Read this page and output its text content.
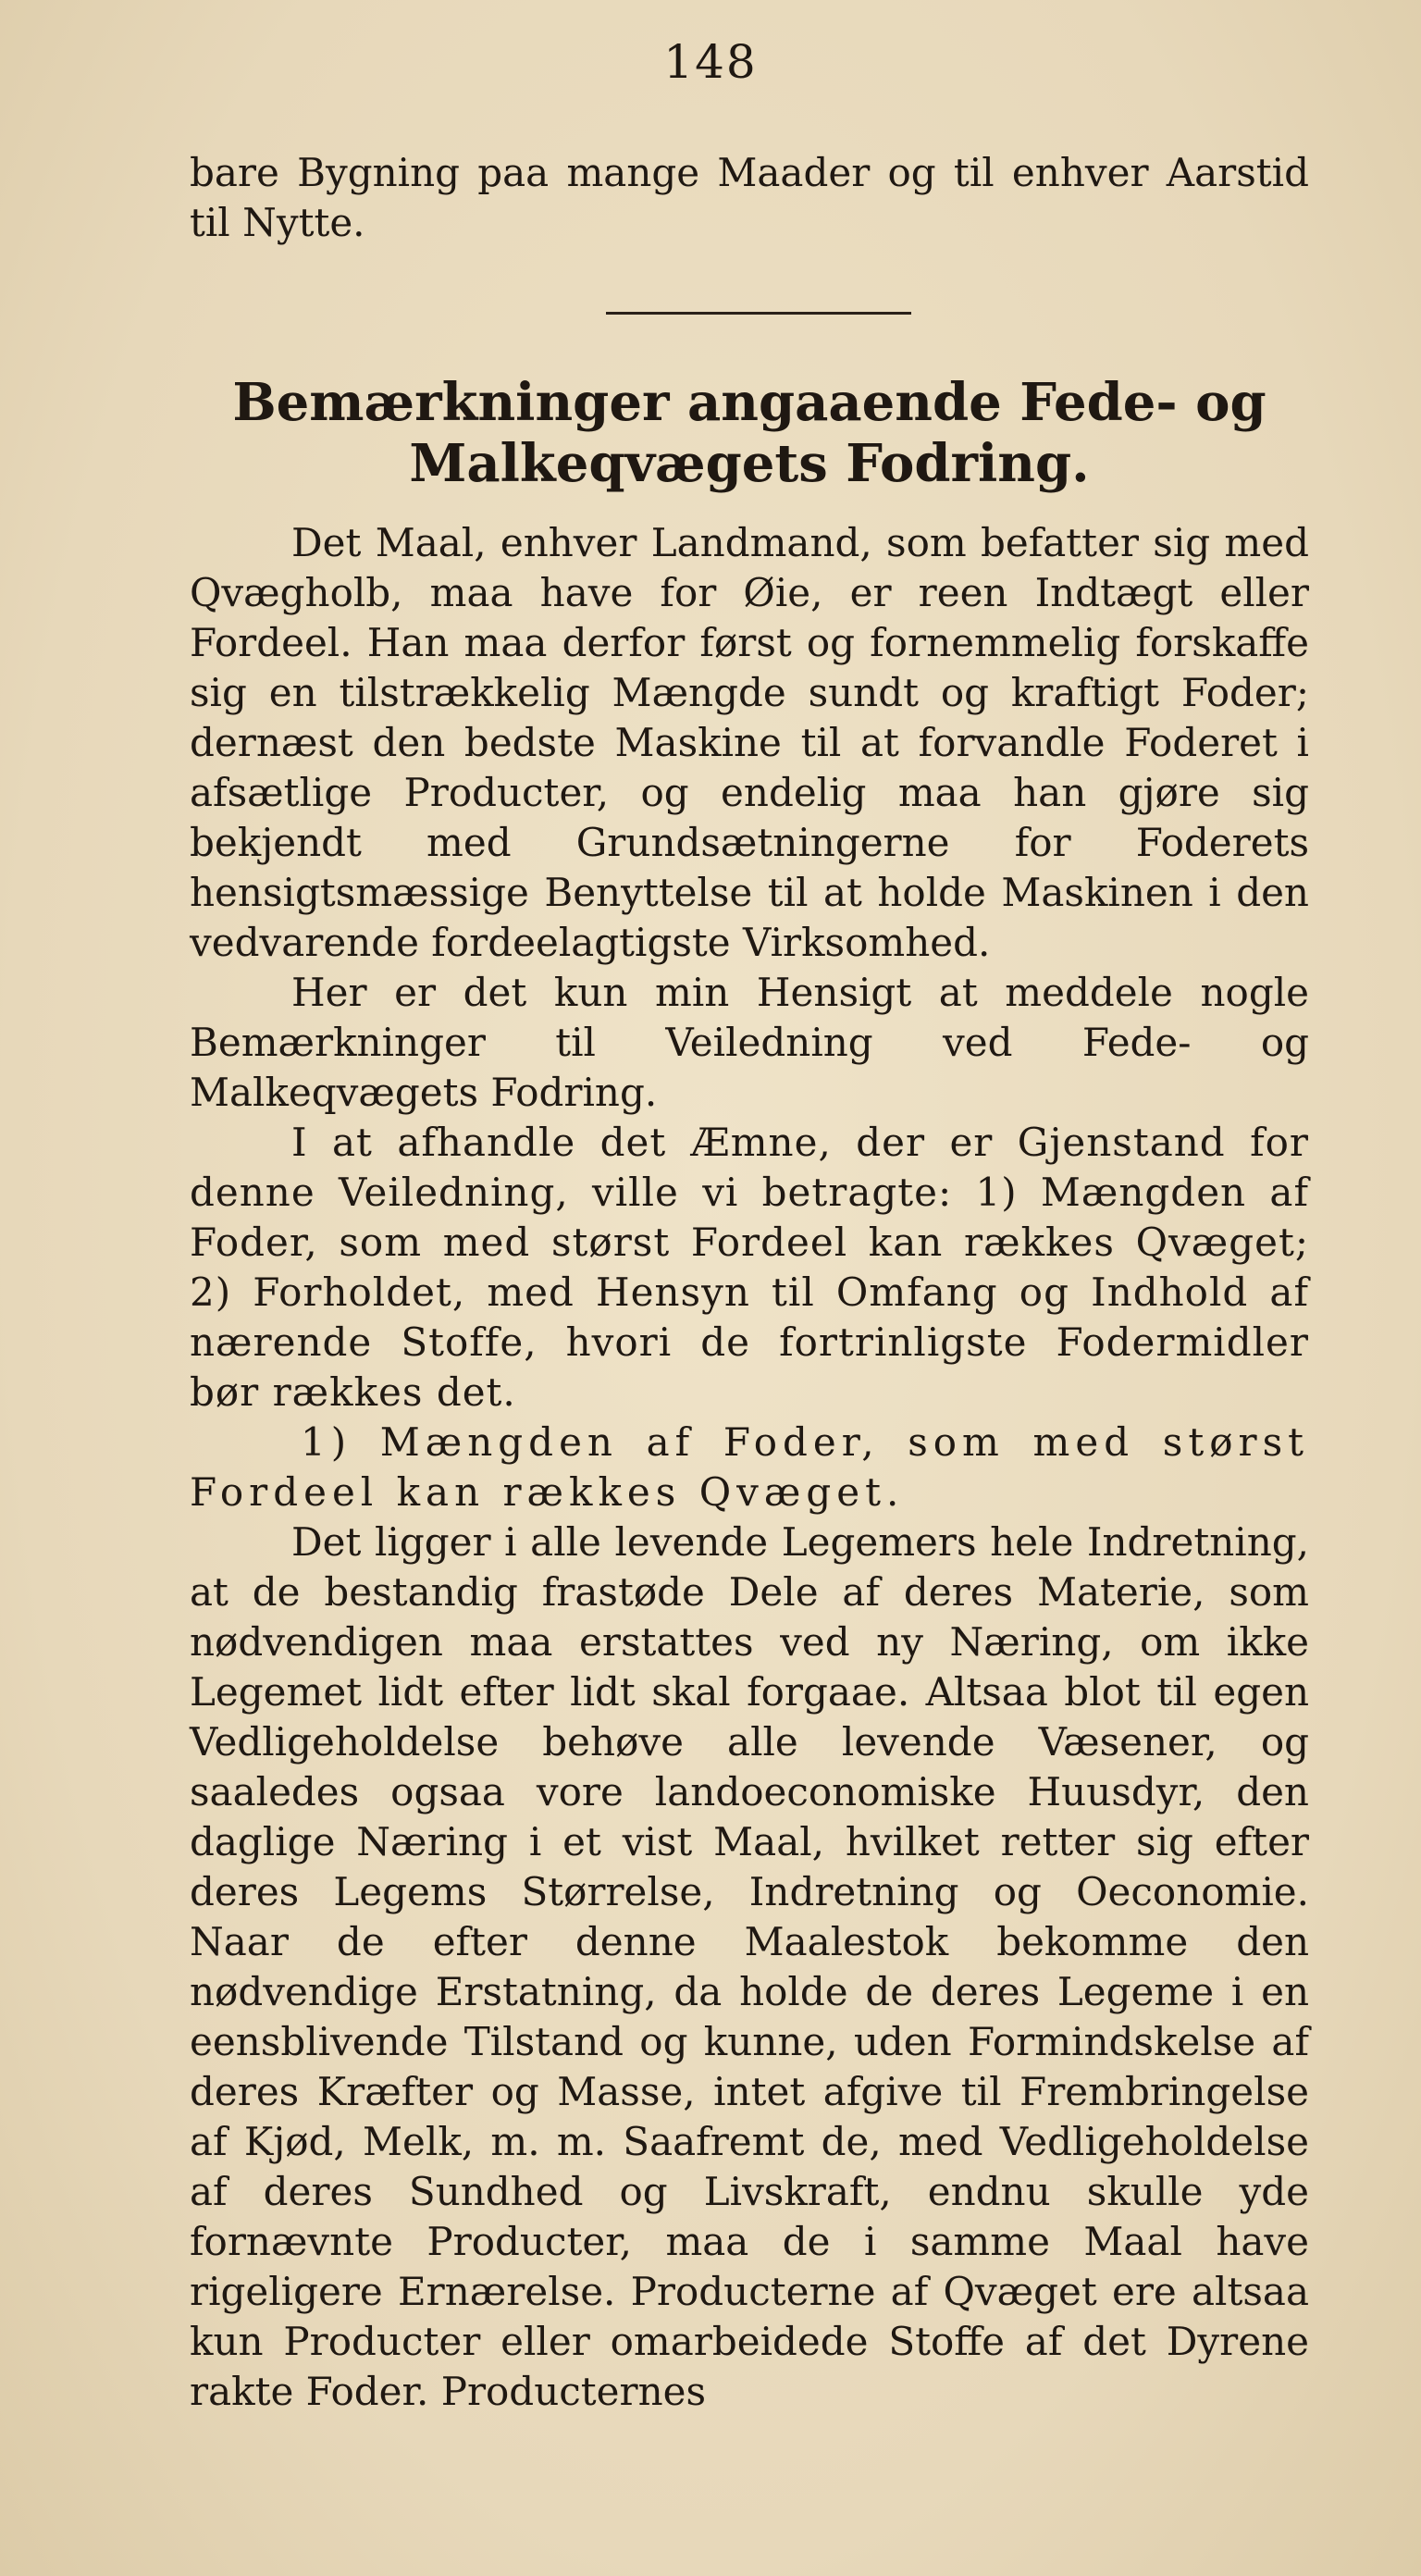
148

bare Bygning paa mange Maader og til enhver Aarstid til Nytte.

Bemærkninger angaaende Fede- og Malkeqvægets Fodring.

Det Maal, enhver Landmand, som befatter sig med Qvægholb, maa have for Øie, er reen Indtægt eller Fordeel. Han maa derfor først og fornemmelig forskaffe sig en tilstrækkelig Mængde sundt og kraftigt Foder; dernæst den bedste Maskine til at forvandle Foderet i afsætlige Producter, og endelig maa han gjøre sig bekjendt med Grundsætningerne for Foderets hensigtsmæssige Benyttelse til at holde Maskinen i den vedvarende fordeelagtigste Virksomhed.

Her er det kun min Hensigt at meddele nogle Bemærkninger til Veiledning ved Fede- og Malkeqvægets Fodring.

I at afhandle det Æmne, der er Gjenstand for denne Veiledning, ville vi betragte: 1) Mængden af Foder, som med størst Fordeel kan rækkes Qvæget; 2) Forholdet, med Hensyn til Omfang og Indhold af nærende Stoffe, hvori de fortrinligste Fodermidler bør rækkes det.

1) Mængden af Foder, som med størst Fordeel kan rækkes Qvæget.

Det ligger i alle levende Legemers hele Indretning, at de bestandig frastøde Dele af deres Materie, som nødvendigen maa erstattes ved ny Næring, om ikke Legemet lidt efter lidt skal forgaae. Altsaa blot til egen Vedligeholdelse behøve alle levende Væsener, og saaledes ogsaa vore landoeconomiske Huusdyr, den daglige Næring i et vist Maal, hvilket retter sig efter deres Legems Størrelse, Indretning og Oeconomie. Naar de efter denne Maalestok bekomme den nødvendige Erstatning, da holde de deres Legeme i en eensblivende Tilstand og kunne, uden Formindskelse af deres Kræfter og Masse, intet afgive til Frembringelse af Kjød, Melk, m. m. Saafremt de, med Vedligeholdelse af deres Sundhed og Livskraft, endnu skulle yde fornævnte Producter, maa de i samme Maal have rigeligere Ernærelse. Producterne af Qvæget ere altsaa kun Producter eller omarbeidede Stoffe af det Dyrene rakte Foder. Producternes
